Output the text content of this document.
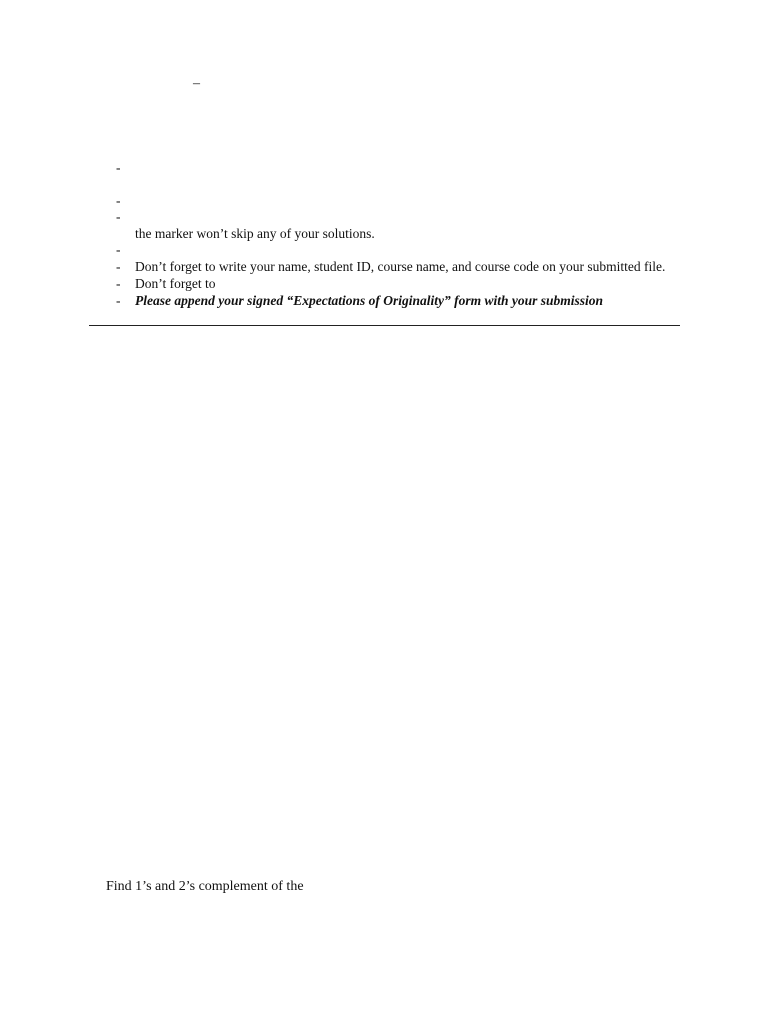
–
-
-
-
the marker won’t skip any of your solutions.
-
- Don’t forget to write your name, student ID, course name, and course code on your submitted file.
- Don’t forget to
- Please append your signed “Expectations of Originality” form with your submission
Find 1’s and 2’s complement of the
